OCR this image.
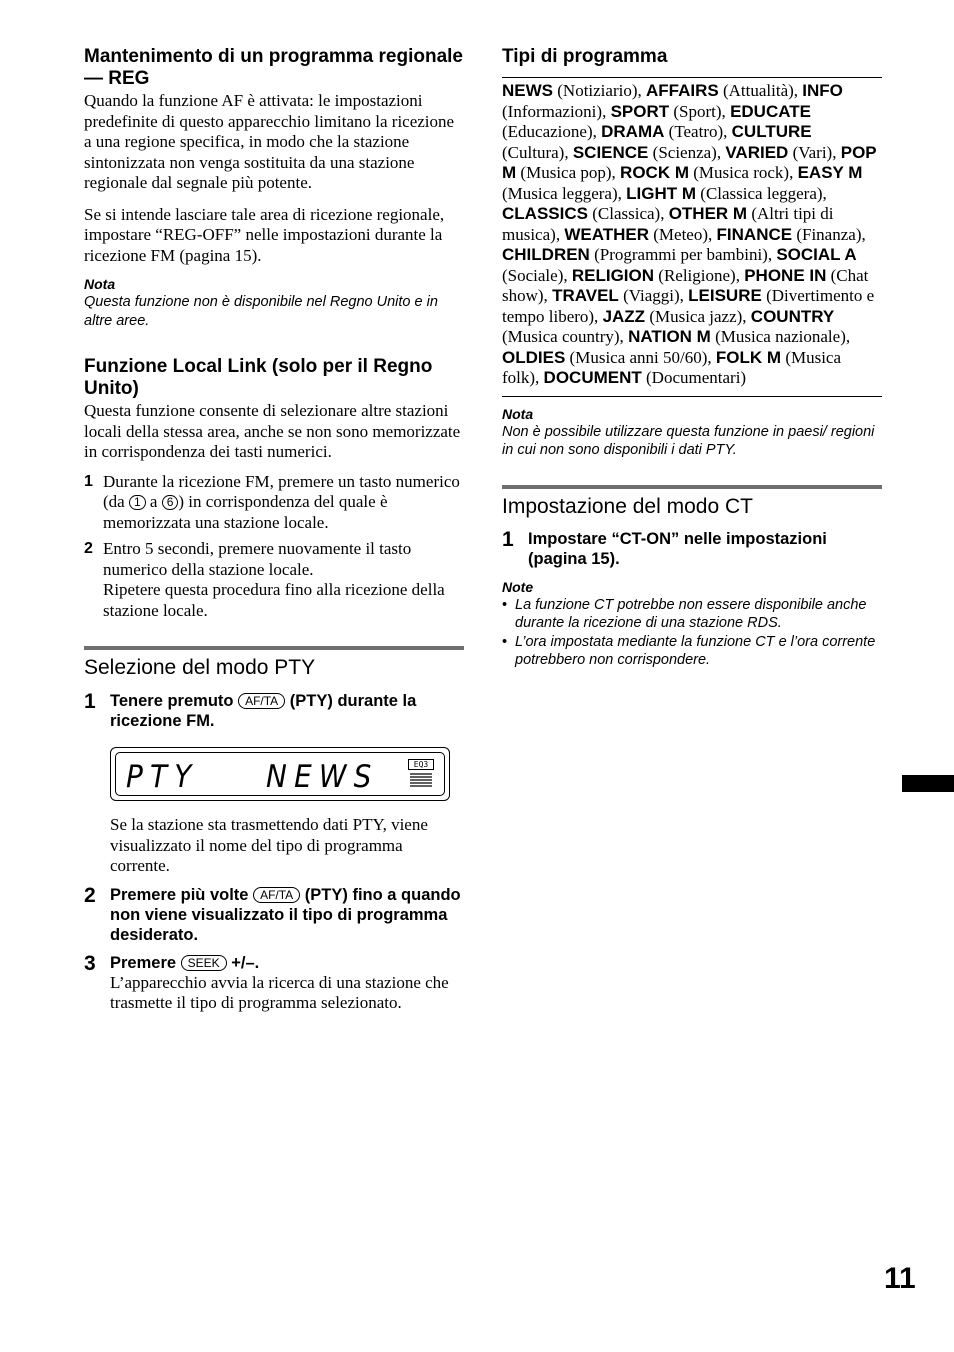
Mantenimento di un programma regionale — REG

Quando la funzione AF è attivata: le impostazioni predefinite di questo apparecchio limitano la ricezione a una regione specifica, in modo che la stazione sintonizzata non venga sostituita da una stazione regionale dal segnale più potente.

Se si intende lasciare tale area di ricezione regionale, impostare “REG-OFF” nelle impostazioni durante la ricezione FM (pagina 15).

Nota

Questa funzione non è disponibile nel Regno Unito e in altre aree.

Funzione Local Link (solo per il Regno Unito)

Questa funzione consente di selezionare altre stazioni locali della stessa area, anche se non sono memorizzate in corrispondenza dei tasti numerici.

1 Durante la ricezione FM, premere un tasto numerico (da 1 a 6 ) in corrispondenza del quale è memorizzata una stazione locale.

2 Entro 5 secondi, premere nuovamente il tasto numerico della stazione locale.

Ripetere questa procedura fino alla ricezione della stazione locale.

Selezione del modo PTY
1 Tenere premuto AF/TA (PTY) durante la ricezione FM.
PTY NEWS	EQ3

Se la stazione sta trasmettendo dati PTY, viene visualizzato il nome del tipo di programma corrente.

2 Premere più volte AF/TA (PTY) fino a quando non viene visualizzato il tipo di programma desiderato.
3 Premere SEEK +/–.

L’apparecchio avvia la ricerca di una stazione che trasmette il tipo di programma selezionato.

Tipi di programma

NEWS (Notiziario), AFFAIRS (Attualità), INFO (Informazioni), SPORT (Sport), EDUCATE (Educazione), DRAMA (Teatro), CULTURE (Cultura), SCIENCE (Scienza), VARIED (Vari), POP M (Musica pop), ROCK M (Musica rock), EASY M (Musica leggera), LIGHT M (Classica leggera), CLASSICS (Classica), OTHER M (Altri tipi di musica), WEATHER (Meteo), FINANCE (Finanza), CHILDREN (Programmi per bambini), SOCIAL A (Sociale), RELIGION (Religione), PHONE IN (Chat show), TRAVEL (Viaggi), LEISURE (Divertimento e tempo libero), JAZZ (Musica jazz), COUNTRY (Musica country), NATION M (Musica nazionale), OLDIES (Musica anni 50/60), FOLK M (Musica folk), DOCUMENT (Documentari)

Nota

Non è possibile utilizzare questa funzione in paesi/ regioni in cui non sono disponibili i dati PTY.

Impostazione del modo CT
1 Impostare “CT-ON” nelle impostazioni (pagina 15).

Note

• La funzione CT potrebbe non essere disponibile anche durante la ricezione di una stazione RDS.
• L’ora impostata mediante la funzione CT e l’ora corrente potrebbero non corrispondere.
11
